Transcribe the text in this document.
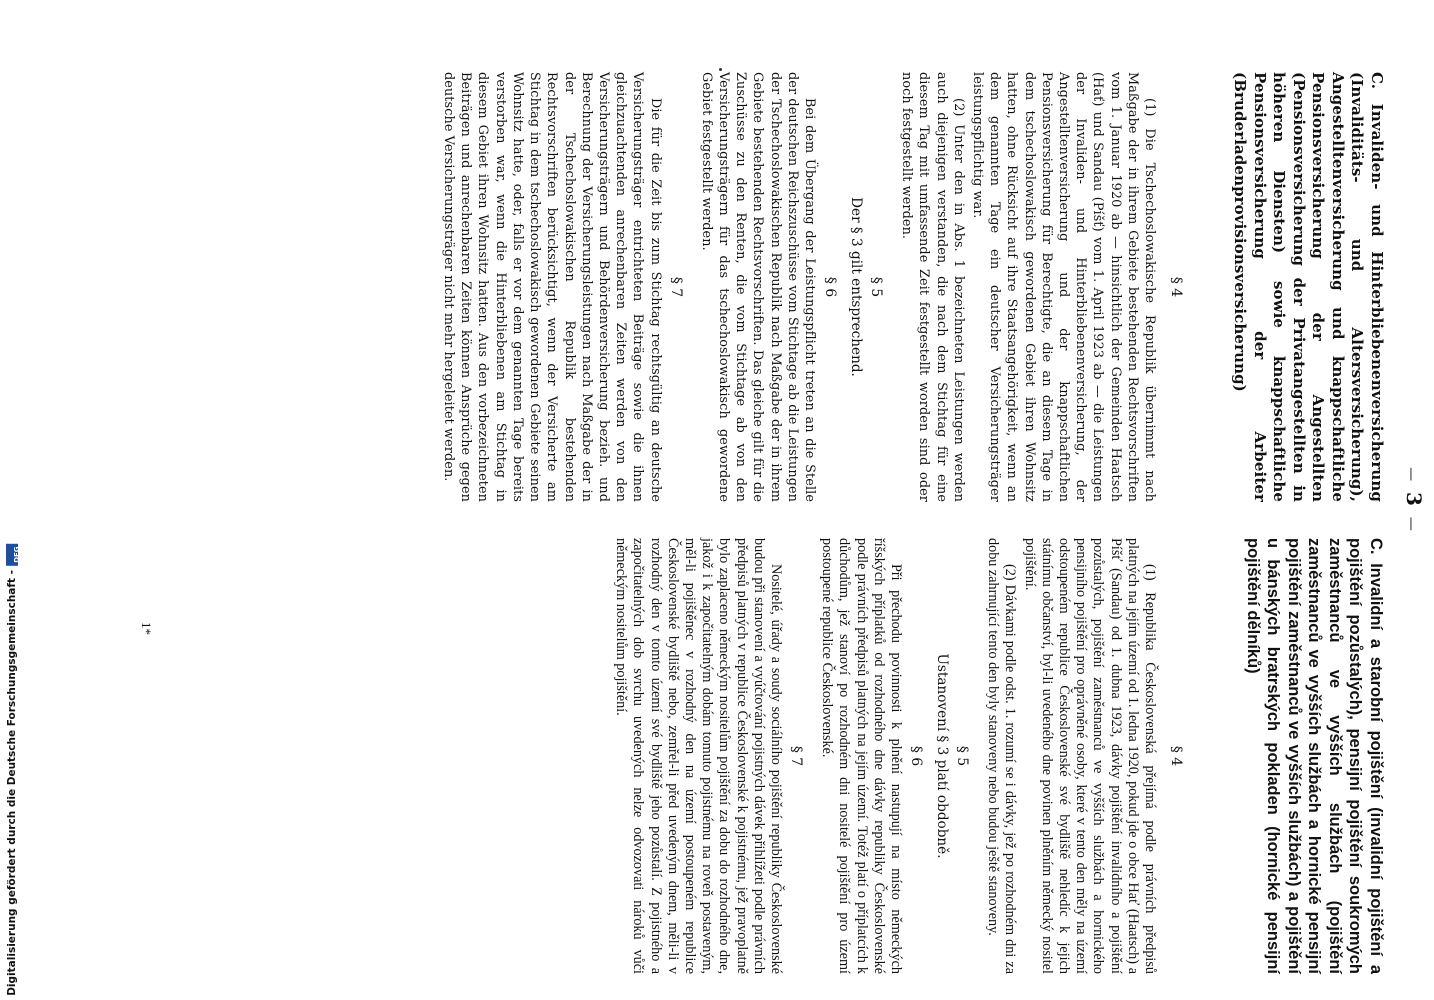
— 3 —
C. Invaliden- und Hinterbliebenenversicherung (Invaliditäts- und Altersversicherung), Angestelltenversicherung und knappschaftliche Pensionsversicherung der Angestellten (Pensionsversicherung der Privatangestellten in höheren Diensten) sowie knappschaftliche Pensionsversicherung der Arbeiter (Bruderladenprovisionsversicherung)
§ 4

(1) Die Tschechoslowakische Republik übernimmt nach Maßgabe der in ihrem Gebiete bestehenden Rechtsvorschriften vom 1. Januar 1920 ab — hinsichtlich der Gemeinden Haatsch (Hať) und Sandau (Píšť) vom 1. April 1923 ab — die Leistungen der Invaliden- und Hinterbliebenenversicherung, der Angestelltenversicherung und der knappschaftlichen Pensionsversicherung für Berechtigte, die an diesem Tage in dem tschechoslowakisch gewordenen Gebiet ihren Wohnsitz hatten, ohne Rücksicht auf ihre Staatsangehörigkeit, wenn an dem genannten Tage ein deutscher Versicherungsträger leistungspflichtig war.

(2) Unter den in Abs. 1 bezeichneten Leistungen werden auch diejenigen verstanden, die nach dem Stichtag für eine diesem Tag mit umfassende Zeit festgestellt worden sind oder noch festgestellt werden.

§ 5
Der § 3 gilt entsprechend.
§ 6

Bei dem Übergang der Leistungspflicht treten an die Stelle der deutschen Reichszuschüsse vom Stichtage ab die Leistungen der Tschechoslowakischen Republik nach Maßgabe der in ihrem Gebiete bestehenden Rechtsvorschriften. Das gleiche gilt für die Zuschüsse zu den Renten, die vom Stichtage ab von den Versicherungsträgern für das tschechoslowakisch gewordene Gebiet festgestellt werden.

§ 7

Die für die Zeit bis zum Stichtag rechtsgültig an deutsche Versicherungsträger entrichteten Beiträge sowie die ihnen gleichzuachtenden anrechenbaren Zeiten werden von den Versicherungsträgern und Behördenversicherung bezieh. und Berechnung der Versicherungsleistungen nach Maßgabe der in der Tschechoslowakischen Republik bestehenden Rechtsvorschriften berücksichtigt, wenn der Versicherte am Stichtag in dem tschechoslowakisch gewordenen Gebiete seinen Wohnsitz hatte, oder, falls er vor dem genannten Tage bereits verstorben war, wenn die Hinterbliebenen am Stichtag in diesem Gebiet ihren Wohnsitz hatten. Aus den vorbezeichneten Beiträgen und anrechenbaren Zeiten können Ansprüche gegen deutsche Versicherungsträger nicht mehr hergeleitet werden.

C. Invalidní a starobní pojištění (invalidní pojištění a pojištění pozůstalých), pensijní pojištění soukromých zaměstnanců ve vyšších službách (pojištění zaměstnanců ve vyšších službách a hornické pensijní pojištění zaměstnanců ve vyšších službách) a pojištění u bánských bratrských pokladen (hornické pensijní pojištění dělníků)
§ 4

(1) Republika Československá přejímá podle právních předpisů platných na jejím území od 1. ledna 1920, pokud jde o obce Hať (Haatsch) a Píšť (Sandau) od 1. dubna 1923, dávky pojištění invalidního a pojištění pozůstalých, pojištění zaměstnanců ve vyšších službách a hornického pensijního pojištění pro oprávněné osoby, které v tento den měly na území odstoupeném republice Československé své bydliště nehledíc k jejich státnímu občanství, byl-li uvedeného dne povinen plněním německý nositel pojištění.

(2) Dávkami podle odst. 1. rozumí se i dávky, jež po rozhodném dni za dobu zahrnující tento den byly stanoveny nebo budou ještě stanoveny.

§ 5
Ustanovení § 3 platí obdobně.
§ 6

Při přechodu povinnosti k plnění nastupují na místo německých říšských příplatků od rozhodného dne dávky republiky Československé podle právních předpisů platných na jejím území. Totéž platí o příplatcích k důchodům, jež stanoví po rozhodném dni nositelé pojištění pro území postoupené republice Československé.

§ 7

Nositelé, úřady a soudy sociálního pojištění republiky Československé budou při stanovení a vyúčtování pojistných dávek přihlížeti podle právních předpisů platných v republice Československé k pojistnému, jež pravoplatně bylo zaplaceno německým nositelům pojištění za dobu do rozhodného dne, jakož i k započitatelným dobám tomuto pojistnému na roveň postaveným, měl-li pojištěnec v rozhodný den na území postoupeném republice Československé bydliště nebo, zemřel-li před uvedeným dnem, měli-li v rozhodný den v tomto území své bydliště jeho pozůstalí. Z pojistného a započitatelných dob svrchu uvedených nelze odvozovati nároků vůči německým nositelům pojištění.

1*
Digitalisierung gefördert durch die Deutsche Forschungsgemeinschaft -
DFG
